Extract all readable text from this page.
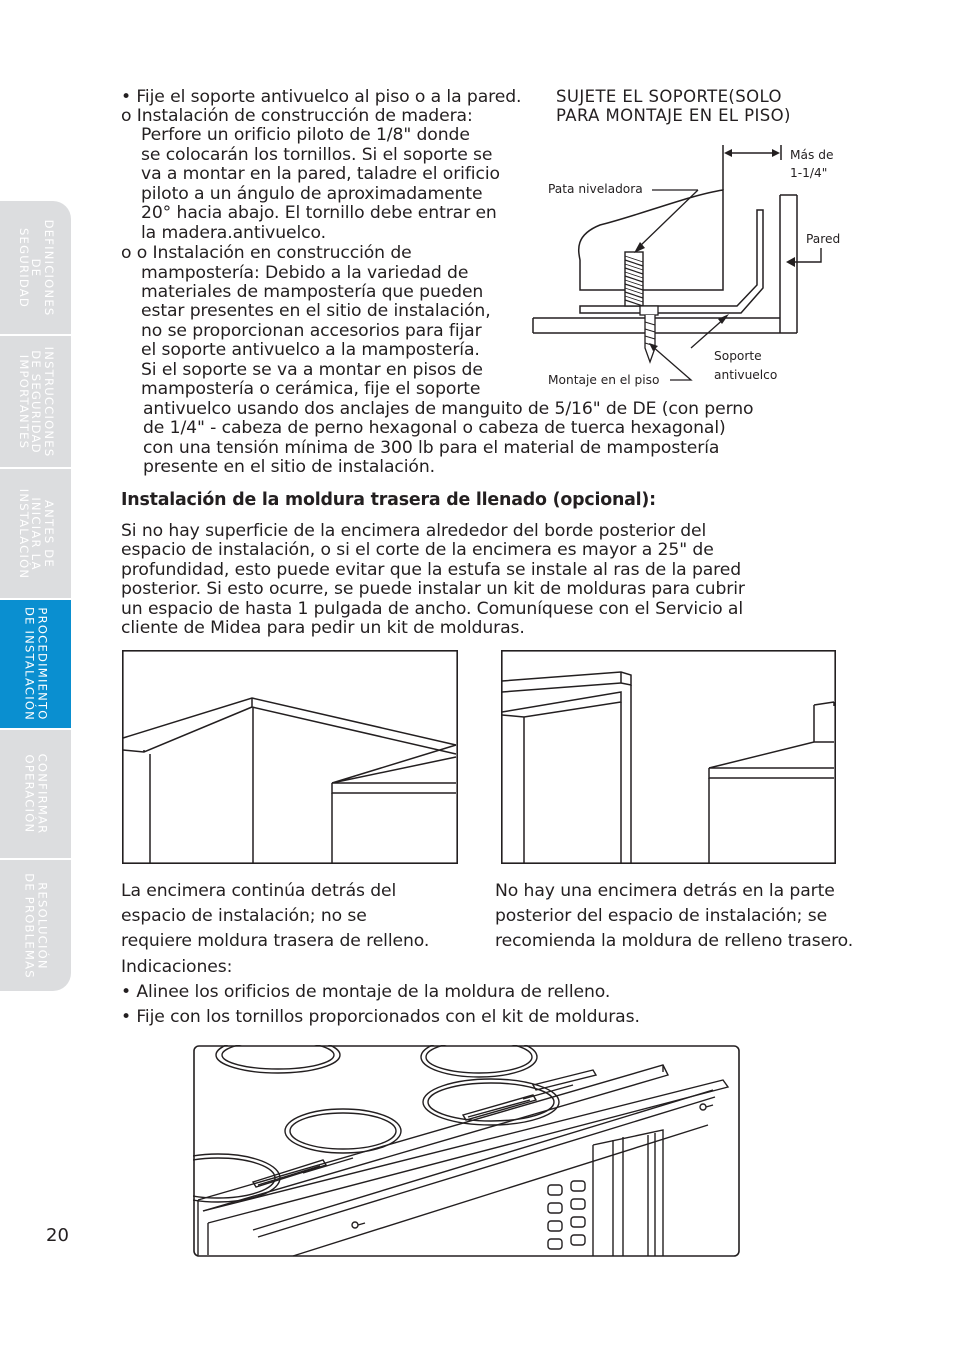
DEFINICIONES
DE
SEGURIDAD
INSTRUCCIONES
DE SEGURIDAD
IMPORTANTES
ANTES DE
INICIAR LA
INSTALACIÓN
PROCEDIMIENTO
DE INSTALACIÓN
CONFIRMAR
OPERACIÓN
RESOLUCIÓN
DE PROBLEMAS
• Fije el soporte antivuelco al piso o a la pared.
o Instalación de construcción de madera:
Perfore un orificio piloto de 1/8" donde
se colocarán los tornillos. Si el soporte se
va a montar en la pared, taladre el orificio
piloto a un ángulo de aproximadamente
20° hacia abajo. El tornillo debe entrar en
la madera.antivuelco.
o o Instalación en construcción de
mampostería: Debido a la variedad de
materiales de mampostería que pueden
estar presentes en el sitio de instalación,
no se proporcionan accesorios para fijar
el soporte antivuelco a la mampostería.
Si el soporte se va a montar en pisos de
mampostería o cerámica, fije el soporte
antivuelco usando dos anclajes de manguito de 5/16" de DE (con perno
de 1/4" - cabeza de perno hexagonal o cabeza de tuerca hexagonal)
con una tensión mínima de 300 lb para el material de mampostería
presente en el sitio de instalación.
SUJETE EL SOPORTE(SOLO
PARA MONTAJE EN EL PISO)
Más de
1-1/4"
Pata niveladora
Pared
Soporte
antivuelco
Montaje en el piso
Instalación de la moldura trasera de llenado (opcional):
Si no hay superficie de la encimera alrededor del borde posterior del
espacio de instalación, o si el corte de la encimera es mayor a 25" de
profundidad, esto puede evitar que la estufa se instale al ras de la pared
posterior. Si esto ocurre, se puede instalar un kit de molduras para cubrir
un espacio de hasta 1 pulgada de ancho. Comuníquese con el Servicio al
cliente de Midea para pedir un kit de molduras.
La encimera continúa detrás del
espacio de instalación; no se
requiere moldura trasera de relleno.
No hay una encimera detrás en la parte
posterior del espacio de instalación; se
recomienda la moldura de relleno trasero.
Indicaciones:
• Alinee los orificios de montaje de la moldura de relleno.
• Fije con los tornillos proporcionados con el kit de molduras.
20
